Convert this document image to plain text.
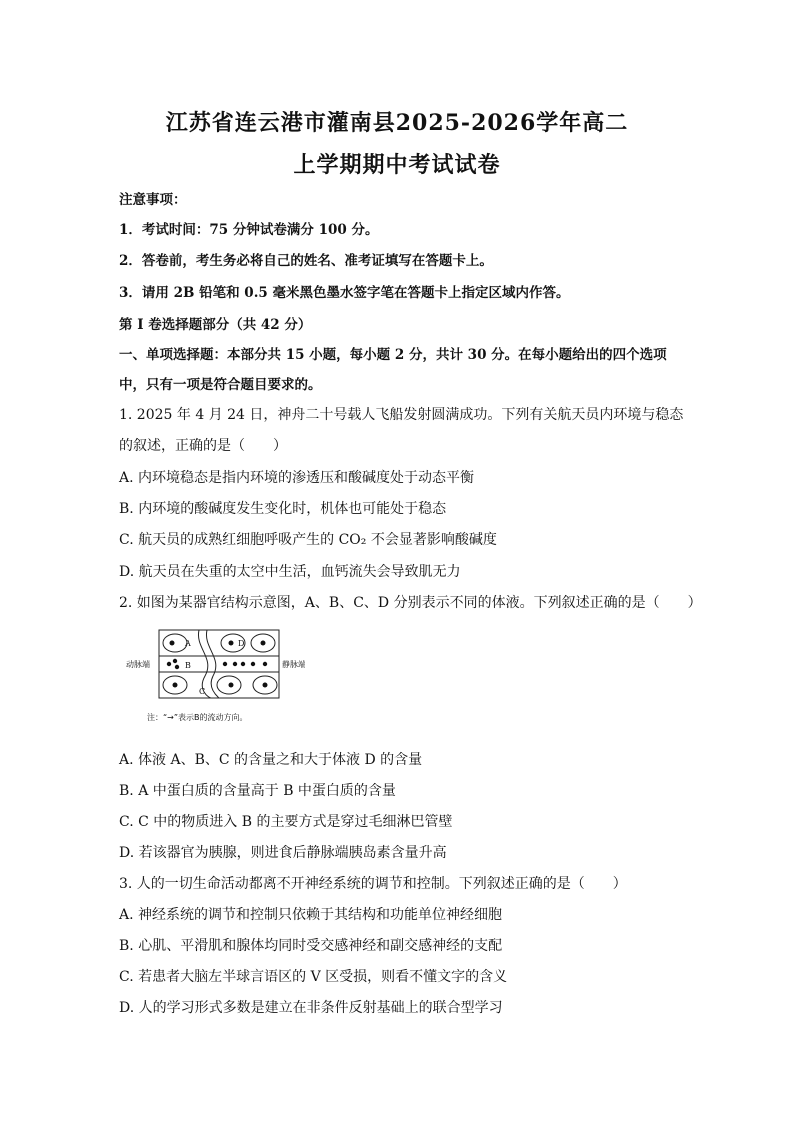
江苏省连云港市灌南县2025-2026学年高二
上学期期中考试试卷
注意事项：
1．考试时间：75 分钟试卷满分 100 分。
2．答卷前，考生务必将自己的姓名、准考证填写在答题卡上。
3．请用 2B 铅笔和 0.5 毫米黑色墨水签字笔在答题卡上指定区域内作答。
第 I 卷选择题部分（共 42 分）
一、单项选择题：本部分共 15 小题，每小题 2 分，共计 30 分。在每小题给出的四个选项
中，只有一项是符合题目要求的。
1. 2025 年 4 月 24 日，神舟二十号载人飞船发射圆满成功。下列有关航天员内环境与稳态
的叙述，正确的是（　　）
A. 内环境稳态是指内环境的渗透压和酸碱度处于动态平衡
B. 内环境的酸碱度发生变化时，机体也可能处于稳态
C. 航天员的成熟红细胞呼吸产生的 CO₂ 不会显著影响酸碱度
D. 航天员在失重的太空中生活，血钙流失会导致肌无力
2. 如图为某器官结构示意图，A、B、C、D 分别表示不同的体液。下列叙述正确的是（　　）
动脉端	静脉端
A
B
C
D
注：“→”表示B的流动方向。
A. 体液 A、B、C 的含量之和大于体液 D 的含量
B. A 中蛋白质的含量高于 B 中蛋白质的含量
C. C 中的物质进入 B 的主要方式是穿过毛细淋巴管壁
D. 若该器官为胰腺，则进食后静脉端胰岛素含量升高
3. 人的一切生命活动都离不开神经系统的调节和控制。下列叙述正确的是（　　）
A. 神经系统的调节和控制只依赖于其结构和功能单位神经细胞
B. 心肌、平滑肌和腺体均同时受交感神经和副交感神经的支配
C. 若患者大脑左半球言语区的 V 区受损，则看不懂文字的含义
D. 人的学习形式多数是建立在非条件反射基础上的联合型学习
